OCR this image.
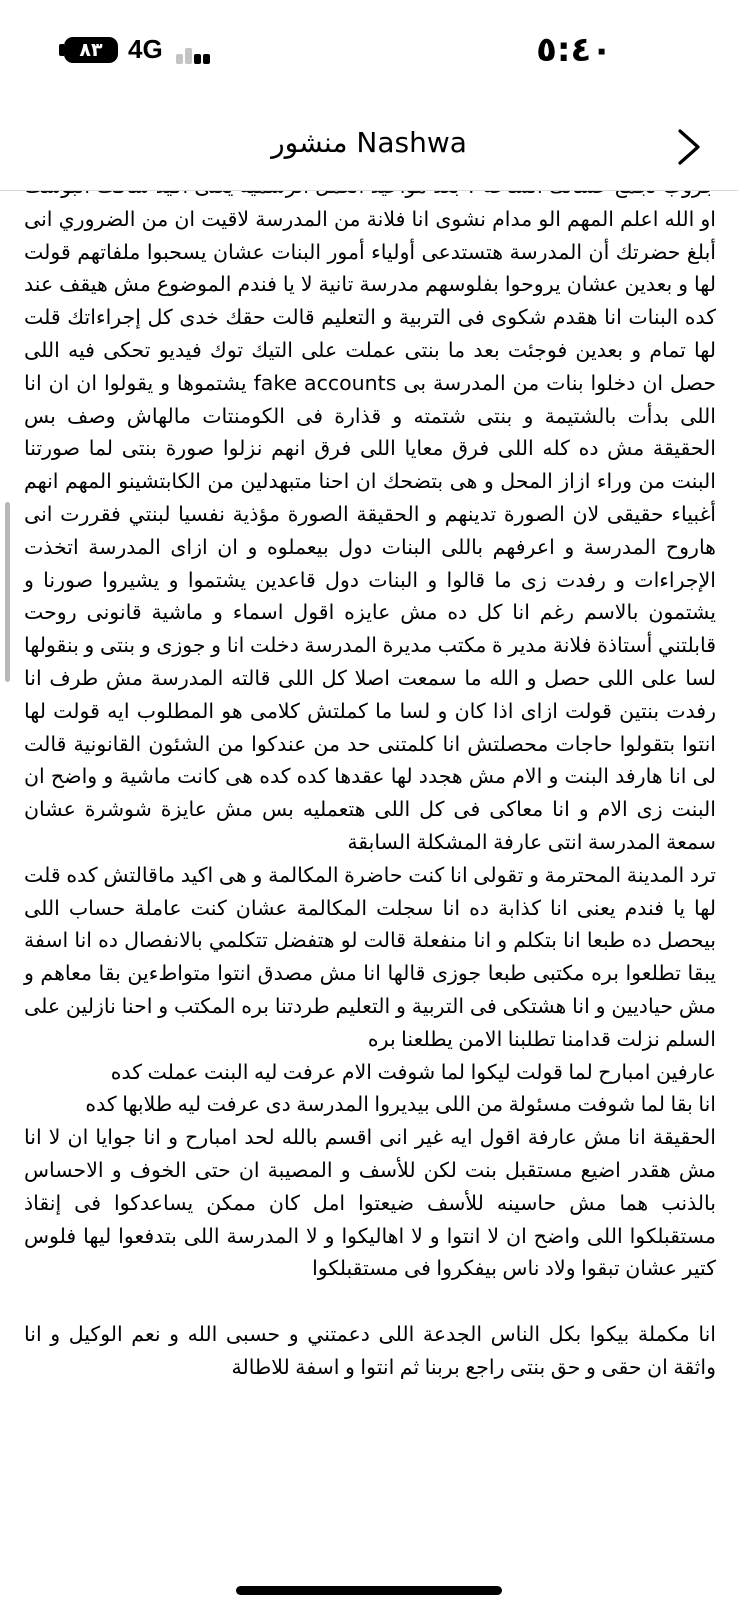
٨٣ 4G	٥:٤٠
منشور Nashwa
او الله اعلم المهم الو مدام نشوى انا فلانة من المدرسة لاقيت ان من الضروري انى أبلغ حضرتك أن المدرسة هتستدعى أولياء أمور البنات عشان يسحبوا ملفاتهم قولت لها و بعدين عشان يروحوا بفلوسهم مدرسة تانية لا يا فندم الموضوع مش هيقف عند كده البنات انا هقدم شكوى فى التربية و التعليم قالت حقك خدى كل إجراءاتك قلت لها تمام و بعدين فوجئت بعد ما بنتى عملت على التيك توك فيديو تحكى فيه اللى حصل ان دخلوا بنات من المدرسة بى fake accounts يشتموها و يقولوا ان ان انا اللى بدأت بالشتيمة و بنتى شتمته و قذارة فى الكومنتات مالهاش وصف بس الحقيقة مش ده كله اللى فرق معايا اللى فرق انهم نزلوا صورة بنتى لما صورتنا البنت من وراء ازاز المحل و هى بتضحك ان احنا متبهدلين من الكابتشينو المهم انهم أغبياء حقيقى لان الصورة تدينهم و الحقيقة الصورة مؤذية نفسيا لبنتي فقررت انى هاروح المدرسة و اعرفهم باللى البنات دول بيعملوه و ان ازاى المدرسة اتخذت الإجراءات و رفدت زى ما قالوا و البنات دول قاعدين يشتموا و يشيروا صورنا و يشتمون بالاسم رغم انا كل ده مش عايزه اقول اسماء و ماشية قانونى روحت قابلتني أستاذة فلانة مدير ة مكتب مديرة المدرسة دخلت انا و جوزى و بنتى و بنقولها لسا على اللى حصل و الله ما سمعت اصلا كل اللى قالته المدرسة مش طرف انا رفدت بنتين قولت ازاى اذا كان و لسا ما كملتش كلامى هو المطلوب ايه قولت لها انتوا بتقولوا حاجات محصلتش انا كلمتنى حد من عندكوا من الشئون القانونية قالت لى انا هارفد البنت و الام مش هجدد لها عقدها كده كده هى كانت ماشية و واضح ان البنت زى الام و انا معاكى فى كل اللى هتعمليه بس مش عايزة شوشرة عشان سمعة المدرسة انتى عارفة المشكلة السابقة
ترد المدينة المحترمة و تقولى انا كنت حاضرة المكالمة و هى اكيد ماقالتش كده قلت لها يا فندم يعنى انا كذابة ده انا سجلت المكالمة عشان كنت عاملة حساب اللى بيحصل ده طبعا انا بتكلم و انا منفعلة قالت لو هتفضل تتكلمي بالانفصال ده انا اسفة يبقا تطلعوا بره مكتبى طبعا جوزى قالها انا مش مصدق انتوا متواطءين بقا معاهم و مش حياديين و انا هشتكى فى التربية و التعليم طردتنا بره المكتب و احنا نازلين على السلم نزلت قدامنا تطلبنا الامن يطلعنا بره
عارفين امبارح لما قولت ليكوا لما شوفت الام عرفت ليه البنت عملت كده
انا بقا لما شوفت مسئولة من اللى بيديروا المدرسة دى عرفت ليه طلابها كده
الحقيقة انا مش عارفة اقول ايه غير انى اقسم بالله لحد امبارح و انا جوايا ان لا انا مش هقدر اضيع مستقبل بنت لكن للأسف و المصيبة ان حتى الخوف و الاحساس بالذنب هما مش حاسينه للأسف ضيعتوا امل كان ممكن يساعدكوا فى إنقاذ مستقبلكوا اللى واضح ان لا انتوا و لا اهاليكوا و لا المدرسة اللى بتدفعوا ليها فلوس كتير عشان تبقوا ولاد ناس بيفكروا فى مستقبلكوا

انا مكملة بيكوا بكل الناس الجدعة اللى دعمتني و حسبى الله و نعم الوكيل و انا واثقة ان حقى و حق بنتى راجع بربنا ثم انتوا و اسفة للاطالة
